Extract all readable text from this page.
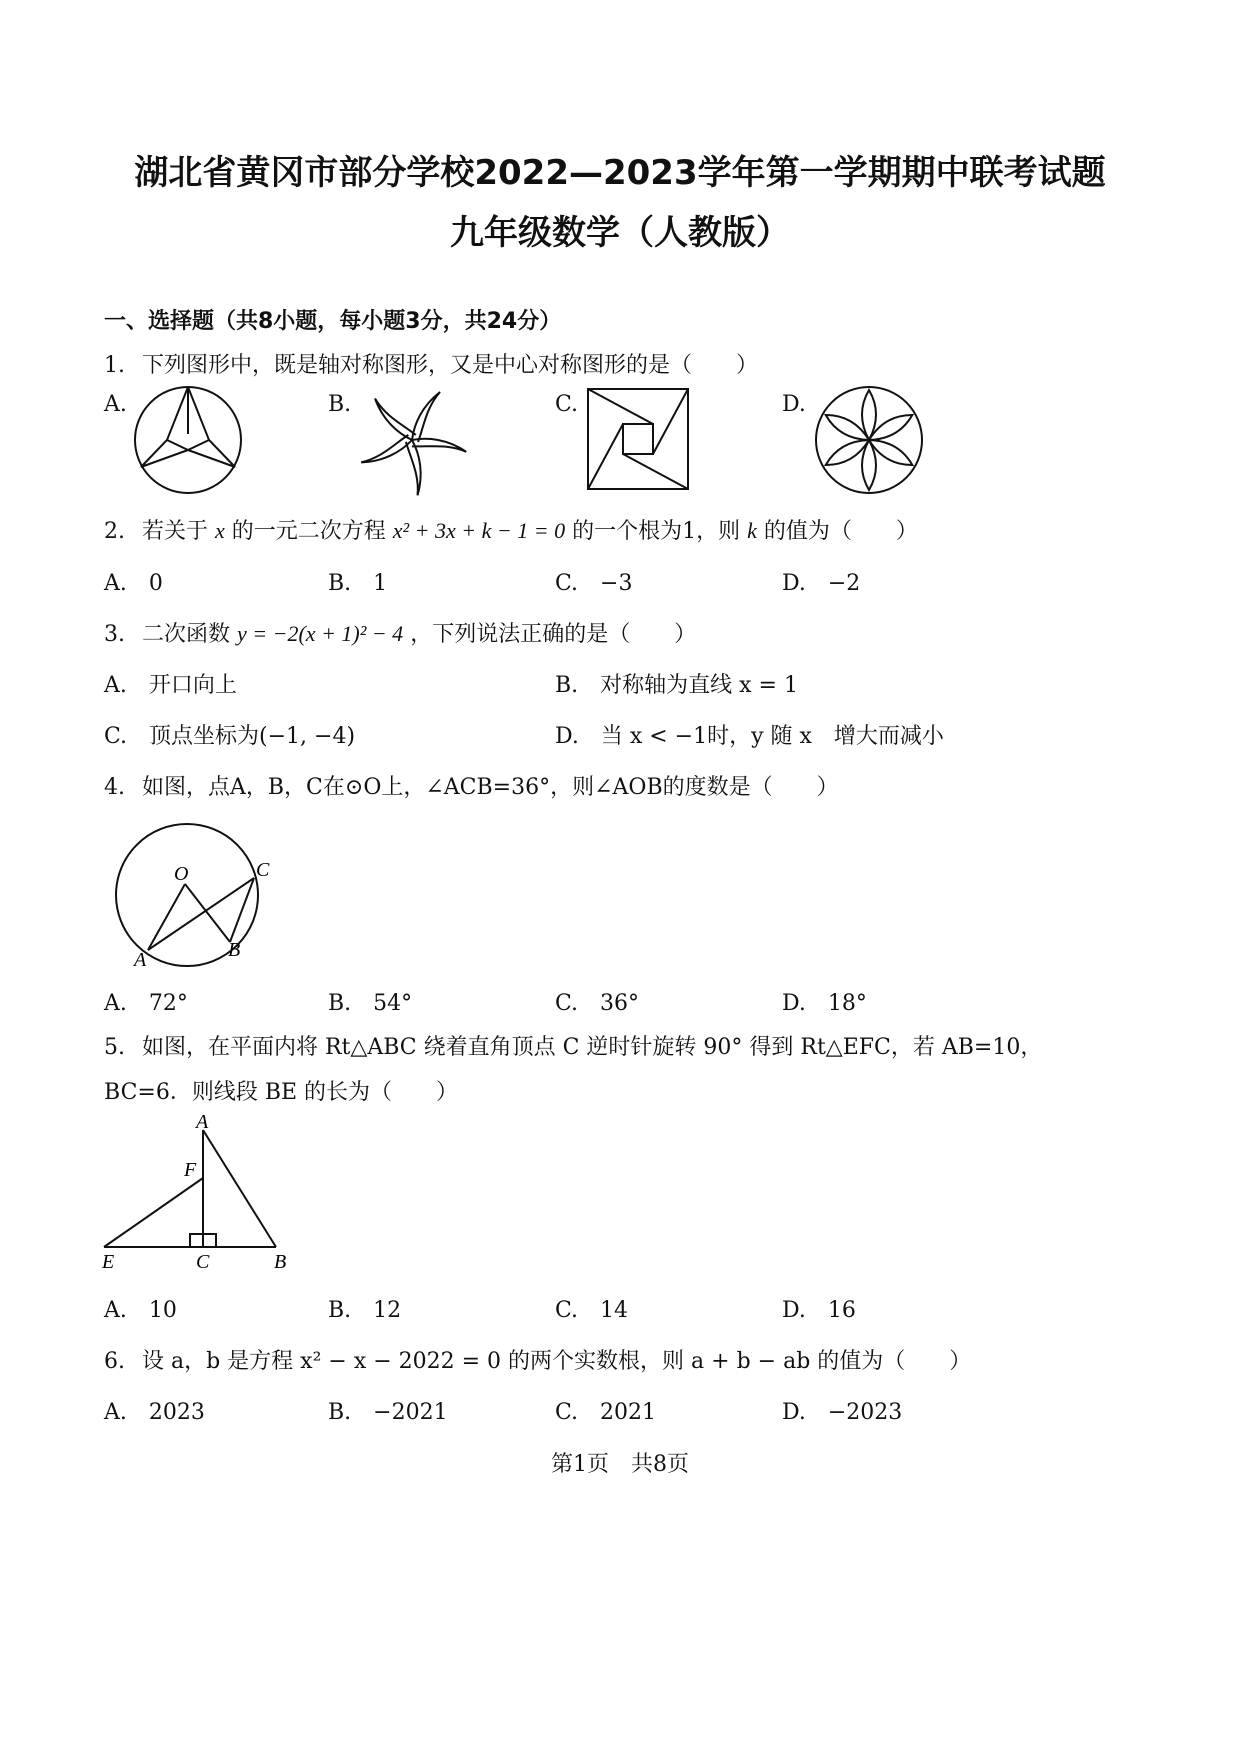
湖北省黄冈市部分学校2022—2023学年第一学期期中联考试题
九年级数学（人教版）
一、选择题（共8小题，每小题3分，共24分）
1. 下列图形中，既是轴对称图形，又是中心对称图形的是（　　）
A.	B.	C.	D.
2. 若关于 x 的一元二次方程 x² + 3x + k − 1 = 0 的一个根为1，则 k 的值为（　　）
A.　0	B.　1	C.　−3	D.　−2
3. 二次函数 y = −2(x + 1)² − 4 ，下列说法正确的是（　　）
A.　开口向上	B.　对称轴为直线 x = 1
C.　顶点坐标为(−1, −4)	D.　当 x < −1时，y 随 x　增大而减小
4. 如图，点A，B，C在⊙O上，∠ACB=36°，则∠AOB的度数是（　　）
O	C
A	B
A.　72°	B.　54°	C.　36°	D.　18°
5. 如图，在平面内将 Rt△ABC 绕着直角顶点 C 逆时针旋转 90° 得到 Rt△EFC，若 AB=10，
BC=6．则线段 BE 的长为（　　）
A
F
E	C	B
A.　10	B.　12	C.　14	D.　16
6. 设 a，b 是方程 x² − x − 2022 = 0 的两个实数根，则 a + b − ab 的值为（　　）
A.　2023	B.　−2021	C.　2021	D.　−2023
第1页　共8页
